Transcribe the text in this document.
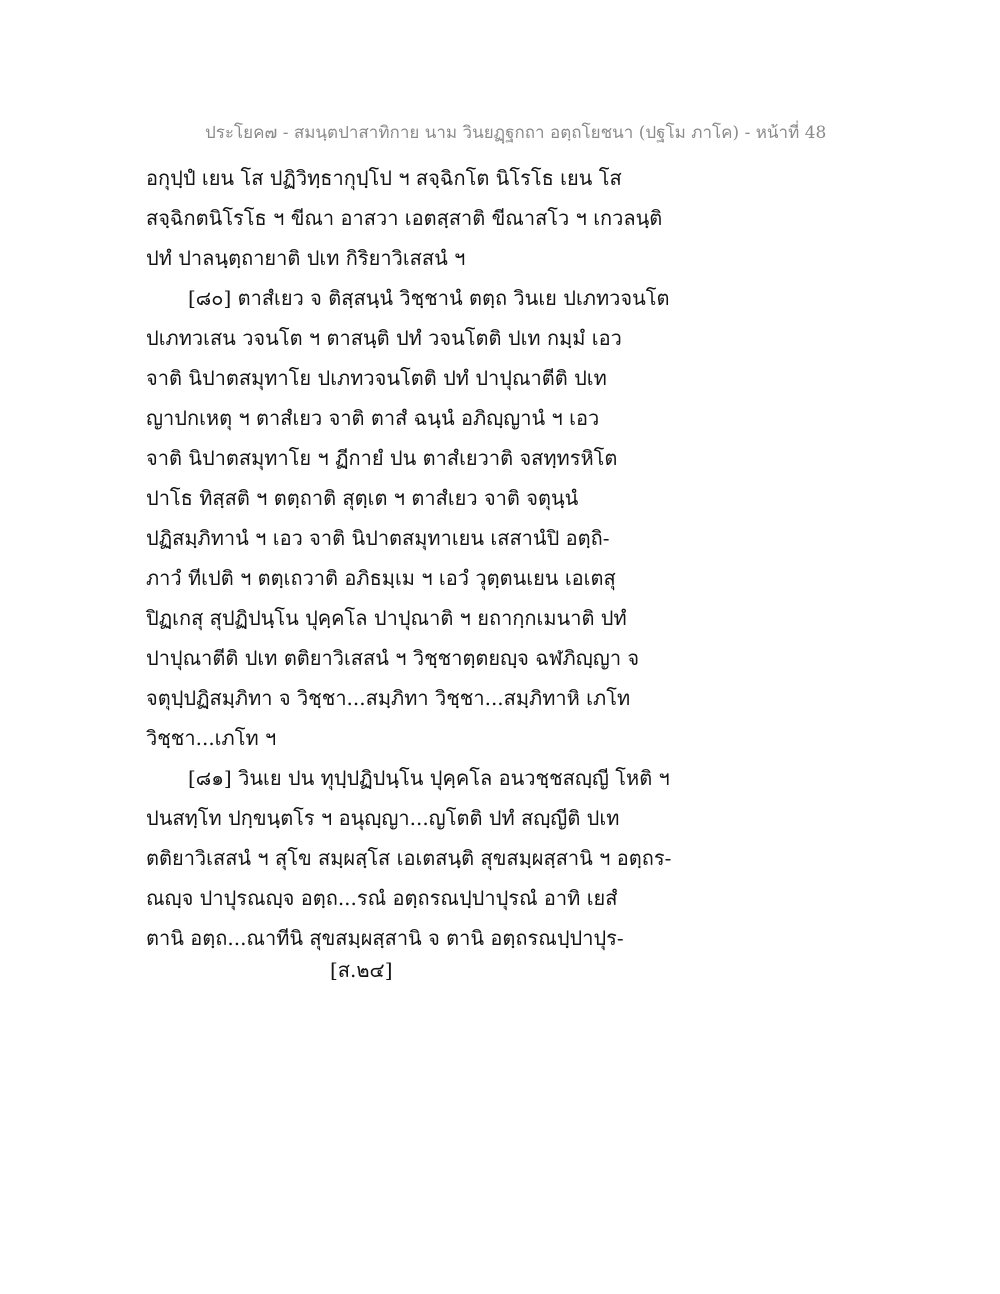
ประโยค๗ - สมนฺตปาสาทิกาย นาม วินยฏฺฐกถา อตฺถโยชนา (ปฐโม ภาโค) - หน้าที่ 48
อกุปฺปํ เยน โส ปฏิวิทฺธากุปฺโป ฯ สจฺฉิกโต นิโรโธ เยน โส
สจฺฉิกตนิโรโธ ฯ ขีณา อาสวา เอตสฺสาติ ขีณาสโว ฯ เกวลนฺติ
ปทํ ปาลนฺตฺถายาติ ปเท กิริยาวิเสสนํ ฯ
[๘๐] ตาสํเยว จ ติสฺสนฺนํ วิชฺชานํ ตตฺถ วินเย ปเภทวจนโต
ปเภทวเสน วจนโต ฯ ตาสนฺติ ปทํ วจนโตติ ปเท กมฺมํ เอว
จาติ นิปาตสมุทาโย ปเภทวจนโตติ ปทํ ปาปุณาตีติ ปเท
ญาปกเหตุ ฯ ตาสํเยว จาติ ตาสํ ฉนฺนํ อภิญฺญานํ ฯ เอว
จาติ นิปาตสมุทาโย ฯ ฏีกายํ ปน ตาสํเยวาติ จสทฺทรหิโต
ปาโธ ทิสฺสติ ฯ ตตฺถาติ สุตฺเต ฯ ตาสํเยว จาติ จตุนฺนํ
ปฏิสมฺภิทานํ ฯ เอว จาติ นิปาตสมุทาเยน เสสานํปิ อตฺถิ-
ภาวํ ทีเปติ ฯ ตตฺเถวาติ อภิธมฺเม ฯ เอวํ วุตฺตนเยน เอเตสุ
ปิฏเกสุ สุปฏิปนฺโน ปุคฺคโล ปาปุณาติ ฯ ยถากฺกเมนาติ ปทํ
ปาปุณาตีติ ปเท ตติยาวิเสสนํ ฯ วิชฺชาตฺตยญฺจ ฉฬภิญฺญา จ
จตุปฺปฏิสมฺภิทา จ วิชฺชา...สมฺภิทา วิชฺชา...สมฺภิทาหิ เภโท
วิชฺชา...เภโท ฯ
[๘๑] วินเย ปน ทุปฺปฏิปนฺโน ปุคฺคโล อนวชฺชสญฺญี โหติ ฯ
ปนสทฺโท ปกฺขนฺตโร ฯ อนุญฺญา...ญโตติ ปทํ สญฺญีติ ปเท
ตติยาวิเสสนํ ฯ สุโข สมฺผสฺโส เอเตสนฺติ สุขสมฺผสฺสานิ ฯ อตฺถร-
ณญฺจ ปาปุรณญฺจ อตฺถ...รณํ อตฺถรณปฺปาปุรณํ อาทิ เยสํ
ตานิ อตฺถ...ณาทีนิ สุขสมฺผสฺสานิ จ ตานิ อตฺถรณปฺปาปุร-
[ส.๒๔]
